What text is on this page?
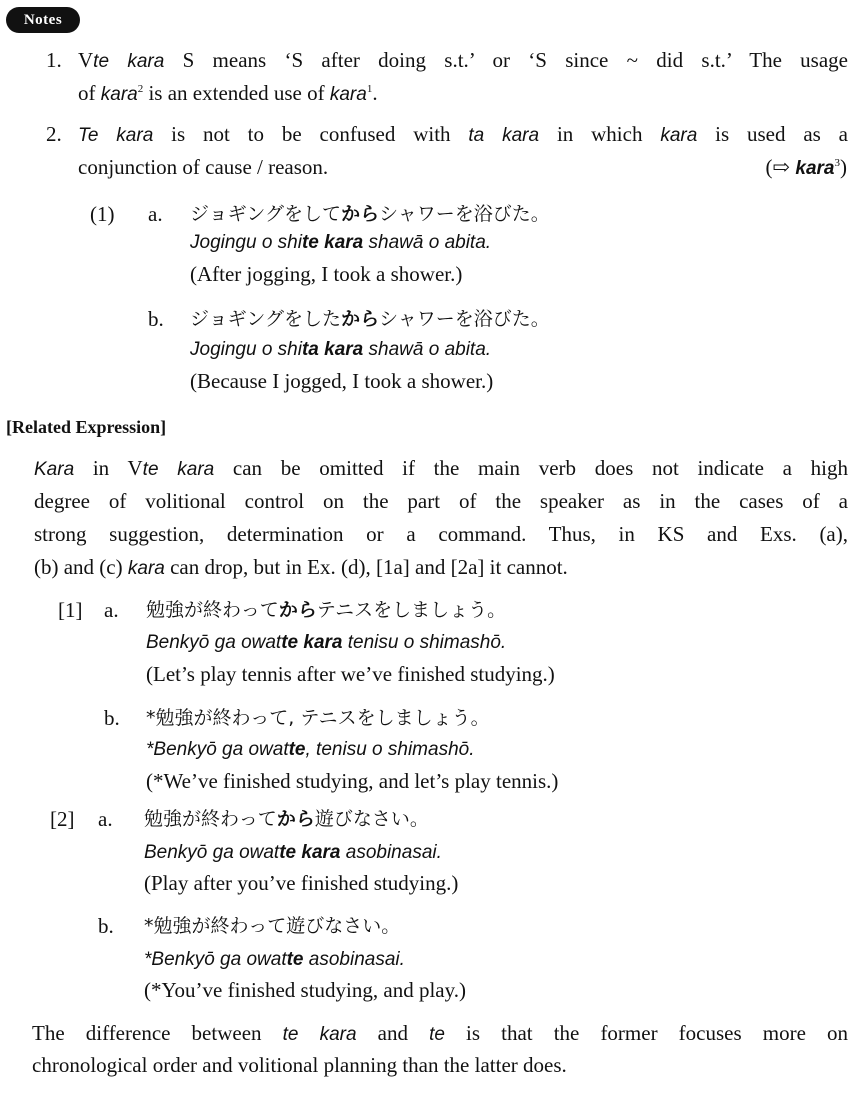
Notes
1. Vte kara S means ‘S after doing s.t.’ or ‘S since ~ did s.t.’ The usage
of kara$^2$ is an extended use of kara$^1$.
2. Te kara is not to be confused with ta kara in which kara is used as a
conjunction of cause / reason.	(⇨ kara$^3$)
(1) a. ジョギングをしてからシャワーを浴びた。
Jogingu o shite kara shawā o abita.
(After jogging, I took a shower.)
b. ジョギングをしたからシャワーを浴びた。
Jogingu o shita kara shawā o abita.
(Because I jogged, I took a shower.)
[Related Expression]
Kara in Vte kara can be omitted if the main verb does not indicate a high
degree of volitional control on the part of the speaker as in the cases of a
strong suggestion, determination or a command. Thus, in KS and Exs. (a),
(b) and (c) kara can drop, but in Ex. (d), [1a] and [2a] it cannot.
[1] a. 勉強が終わってからテニスをしましょう。
Benkyō ga owatte kara tenisu o shimashō.
(Let’s play tennis after we’ve finished studying.)
b. *勉強が終わって, テニスをしましょう。
*Benkyō ga owatte, tenisu o shimashō.
(*We’ve finished studying, and let’s play tennis.)
[2] a. 勉強が終わってから遊びなさい。
Benkyō ga owatte kara asobinasai.
(Play after you’ve finished studying.)
b. *勉強が終わって遊びなさい。
*Benkyō ga owatte asobinasai.
(*You’ve finished studying, and play.)
The difference between te kara and te is that the former focuses more on
chronological order and volitional planning than the latter does.
